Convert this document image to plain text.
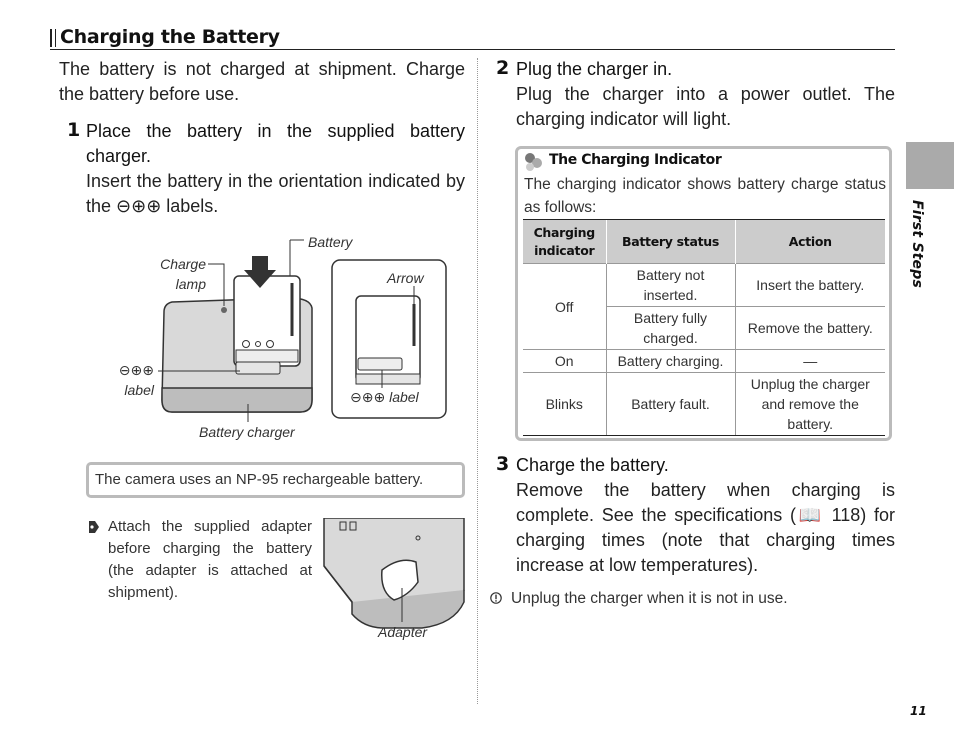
Charging the Battery
The battery is not charged at shipment. Charge the battery before use.
1 Place the battery in the supplied battery charger.
Insert the battery in the orientation indicated by the ⊖⊕⊕ labels.
Charge lamp
Battery
Arrow
⊖⊕⊕ label	⊖⊕⊕ label
Battery charger
The camera uses an NP-95 rechargeable battery.
Attach the supplied adapter before charging the battery (the adapter is attached at shipment).
Adapter
2 Plug the charger in.
Plug the charger into a power outlet. The charging indicator will light.
The Charging Indicator
The charging indicator shows battery charge status as follows:
Charging indicator	Battery status	Action
Off	Battery not inserted.	Insert the battery.
	Battery fully charged.	Remove the battery.
On	Battery charging.	—
Blinks	Battery fault.	Unplug the charger and remove the battery.
3 Charge the battery.
Remove the battery when charging is complete. See the specifications (📖 118) for charging times (note that charging times increase at low temperatures).
Unplug the charger when it is not in use.
First Steps
11
